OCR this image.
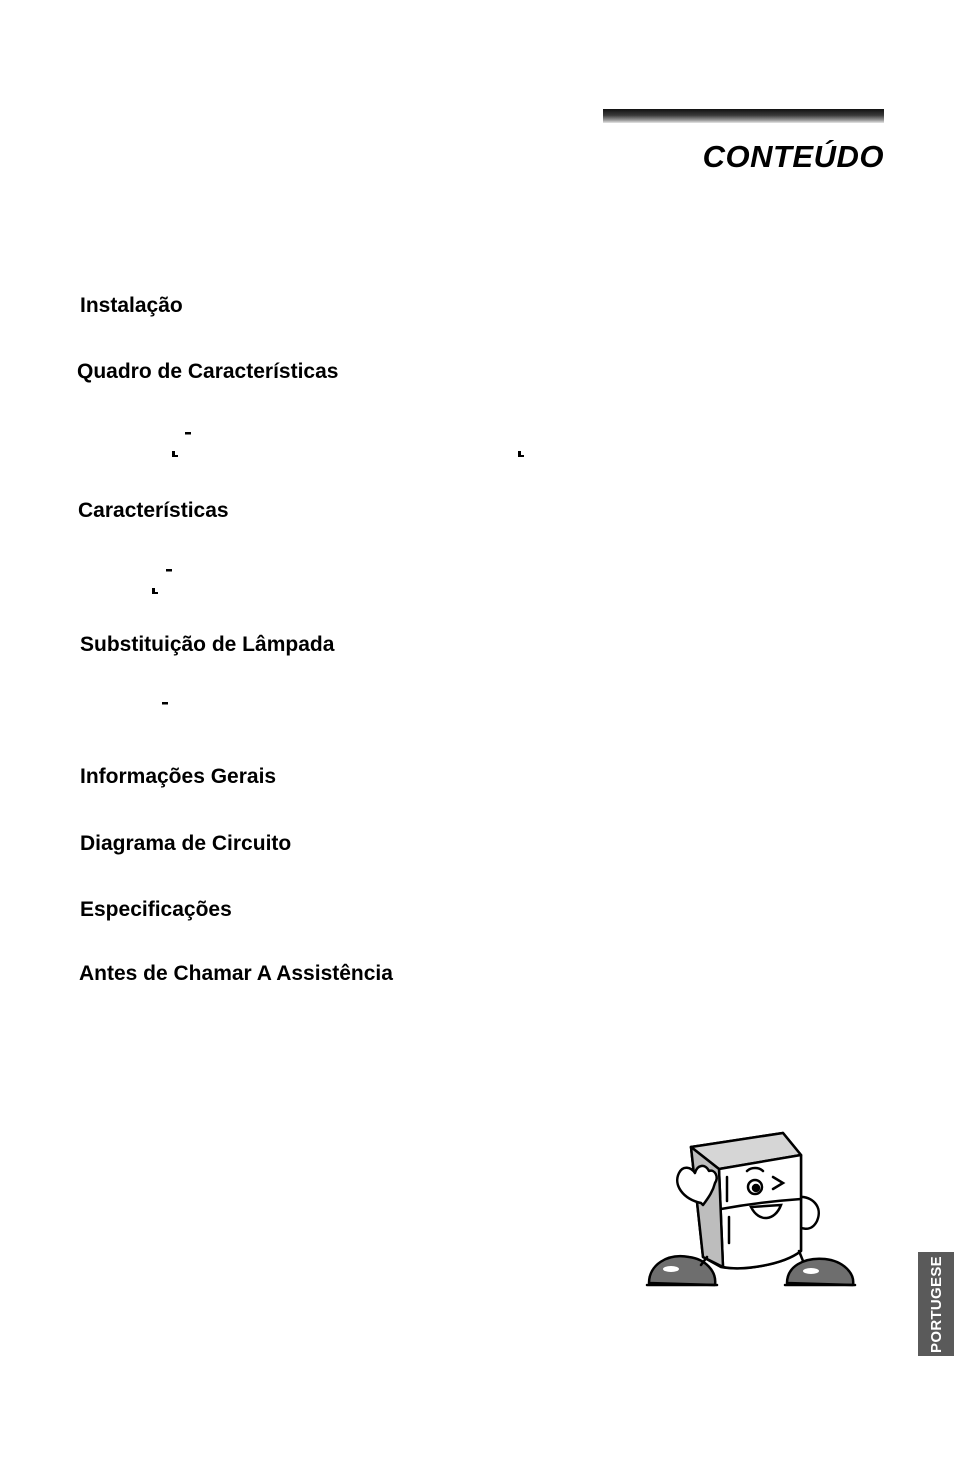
CONTEÚDO
Instalação
Quadro de Características
Características
Substituição de Lâmpada
Informações Gerais
Diagrama de Circuito
Especificações
Antes de Chamar A Assistência
PORTUGESE
